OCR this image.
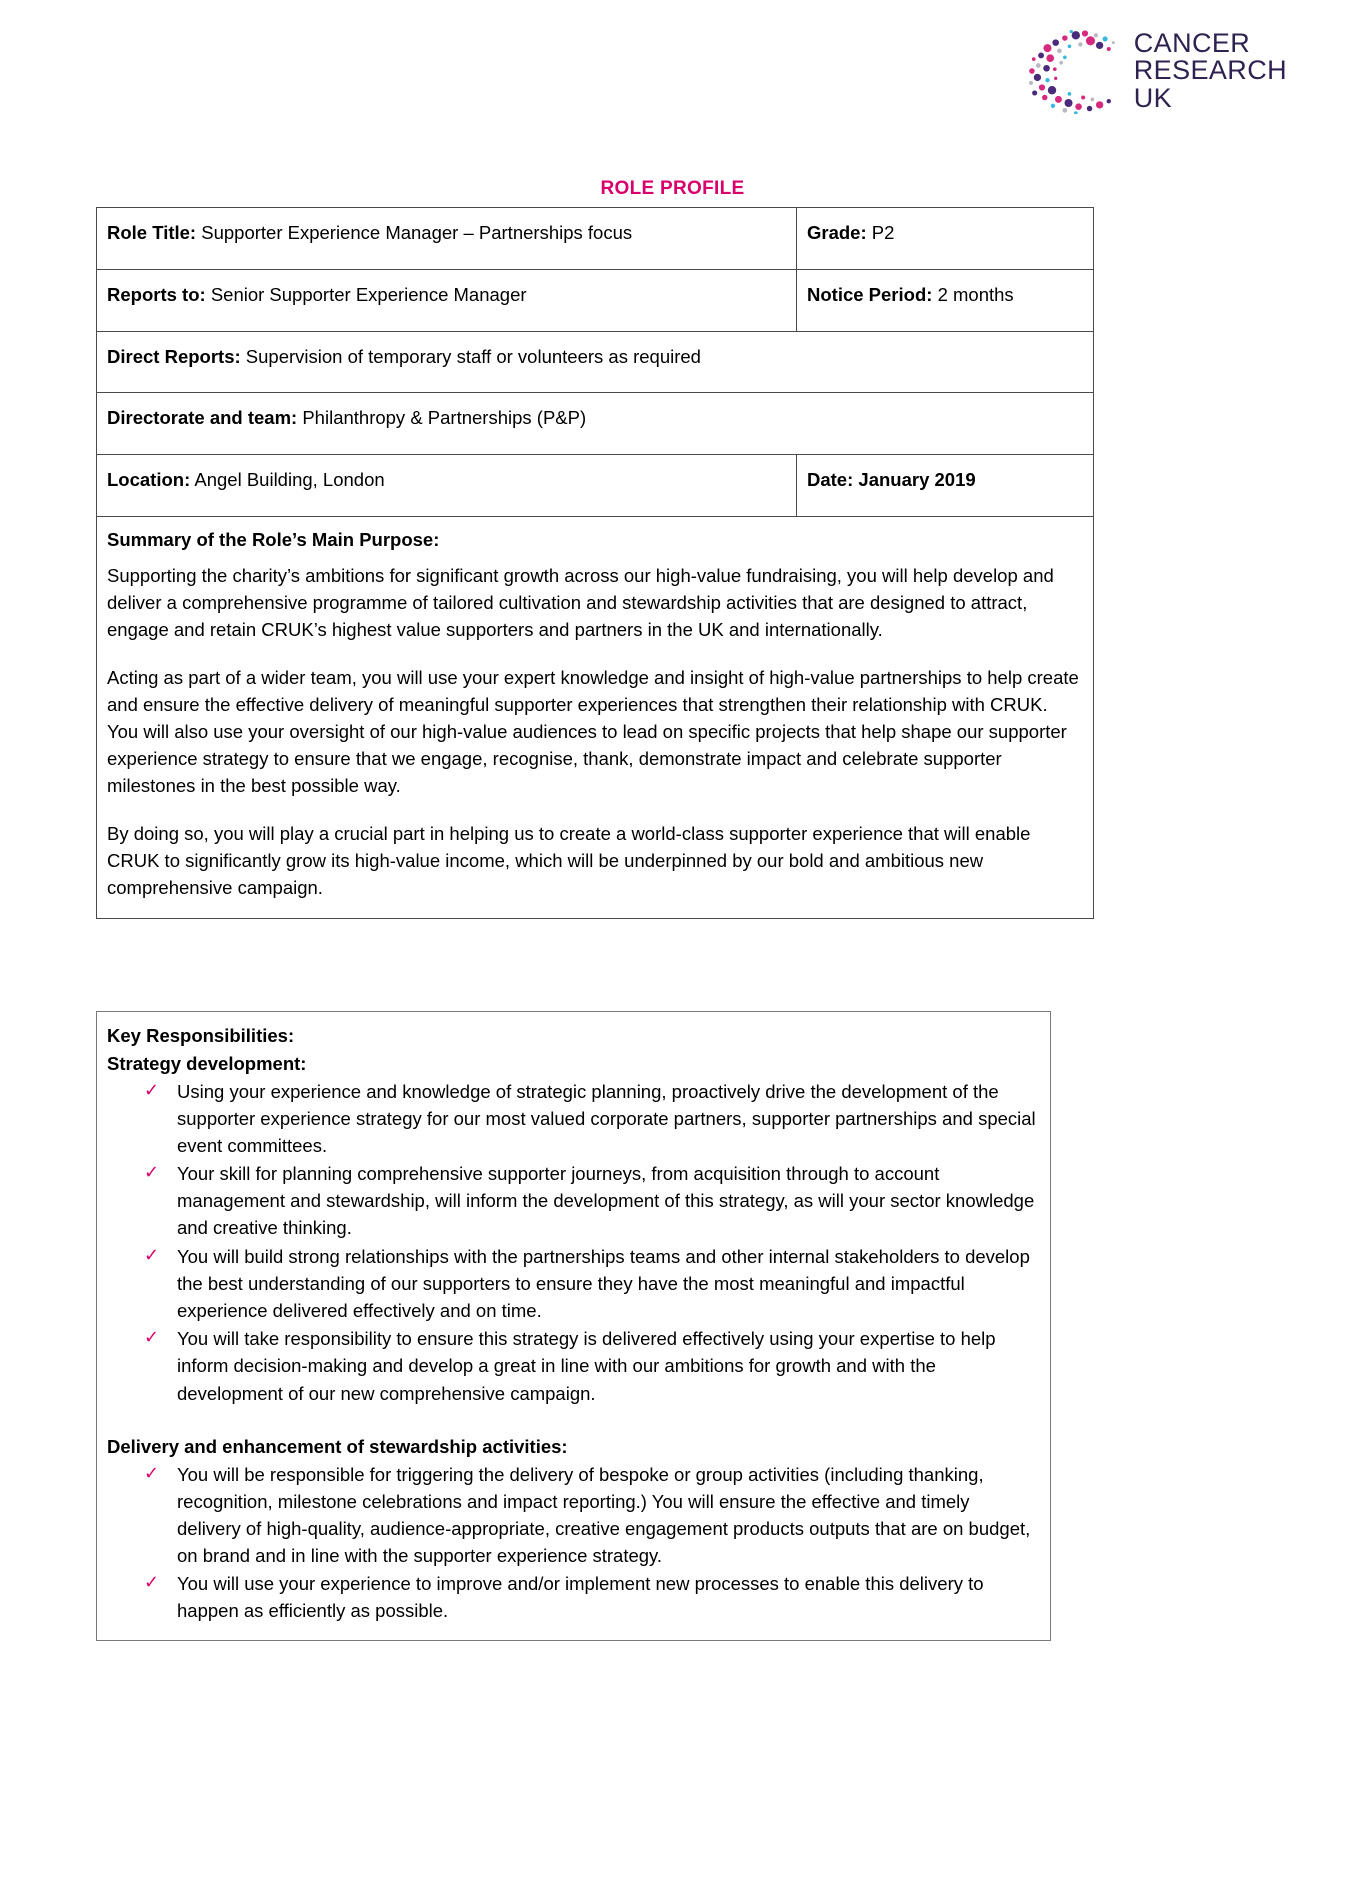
CANCER
RESEARCH
UK
ROLE PROFILE
Role Title: Supporter Experience Manager – Partnerships focus	Grade: P2
Reports to: Senior Supporter Experience Manager	Notice Period: 2 months
Direct Reports: Supervision of temporary staff or volunteers as required	
Directorate and team: Philanthropy & Partnerships (P&P)	
Location: Angel Building, London	Date: January 2019

Summary of the Role’s Main Purpose:

Supporting the charity’s ambitions for significant growth across our high-value fundraising, you will help develop and deliver a comprehensive programme of tailored cultivation and stewardship activities that are designed to attract, engage and retain CRUK’s highest value supporters and partners in the UK and internationally.

Acting as part of a wider team, you will use your expert knowledge and insight of high-value partnerships to help create and ensure the effective delivery of meaningful supporter experiences that strengthen their relationship with CRUK. You will also use your oversight of our high-value audiences to lead on specific projects that help shape our supporter experience strategy to ensure that we engage, recognise, thank, demonstrate impact and celebrate supporter milestones in the best possible way.

By doing so, you will play a crucial part in helping us to create a world-class supporter experience that will enable CRUK to significantly grow its high-value income, which will be underpinned by our bold and ambitious new comprehensive campaign.	

Key Responsibilities:
Strategy development:
✓ Using your experience and knowledge of strategic planning, proactively drive the development of the supporter experience strategy for our most valued corporate partners, supporter partnerships and special event committees.
✓ Your skill for planning comprehensive supporter journeys, from acquisition through to account management and stewardship, will inform the development of this strategy, as will your sector knowledge and creative thinking.
✓ You will build strong relationships with the partnerships teams and other internal stakeholders to develop the best understanding of our supporters to ensure they have the most meaningful and impactful experience delivered effectively and on time.
✓ You will take responsibility to ensure this strategy is delivered effectively using your expertise to help inform decision-making and develop a great in line with our ambitions for growth and with the development of our new comprehensive campaign.
Delivery and enhancement of stewardship activities:
✓ You will be responsible for triggering the delivery of bespoke or group activities (including thanking, recognition, milestone celebrations and impact reporting.) You will ensure the effective and timely delivery of high-quality, audience-appropriate, creative engagement products outputs that are on budget, on brand and in line with the supporter experience strategy.
✓ You will use your experience to improve and/or implement new processes to enable this delivery to happen as efficiently as possible.
